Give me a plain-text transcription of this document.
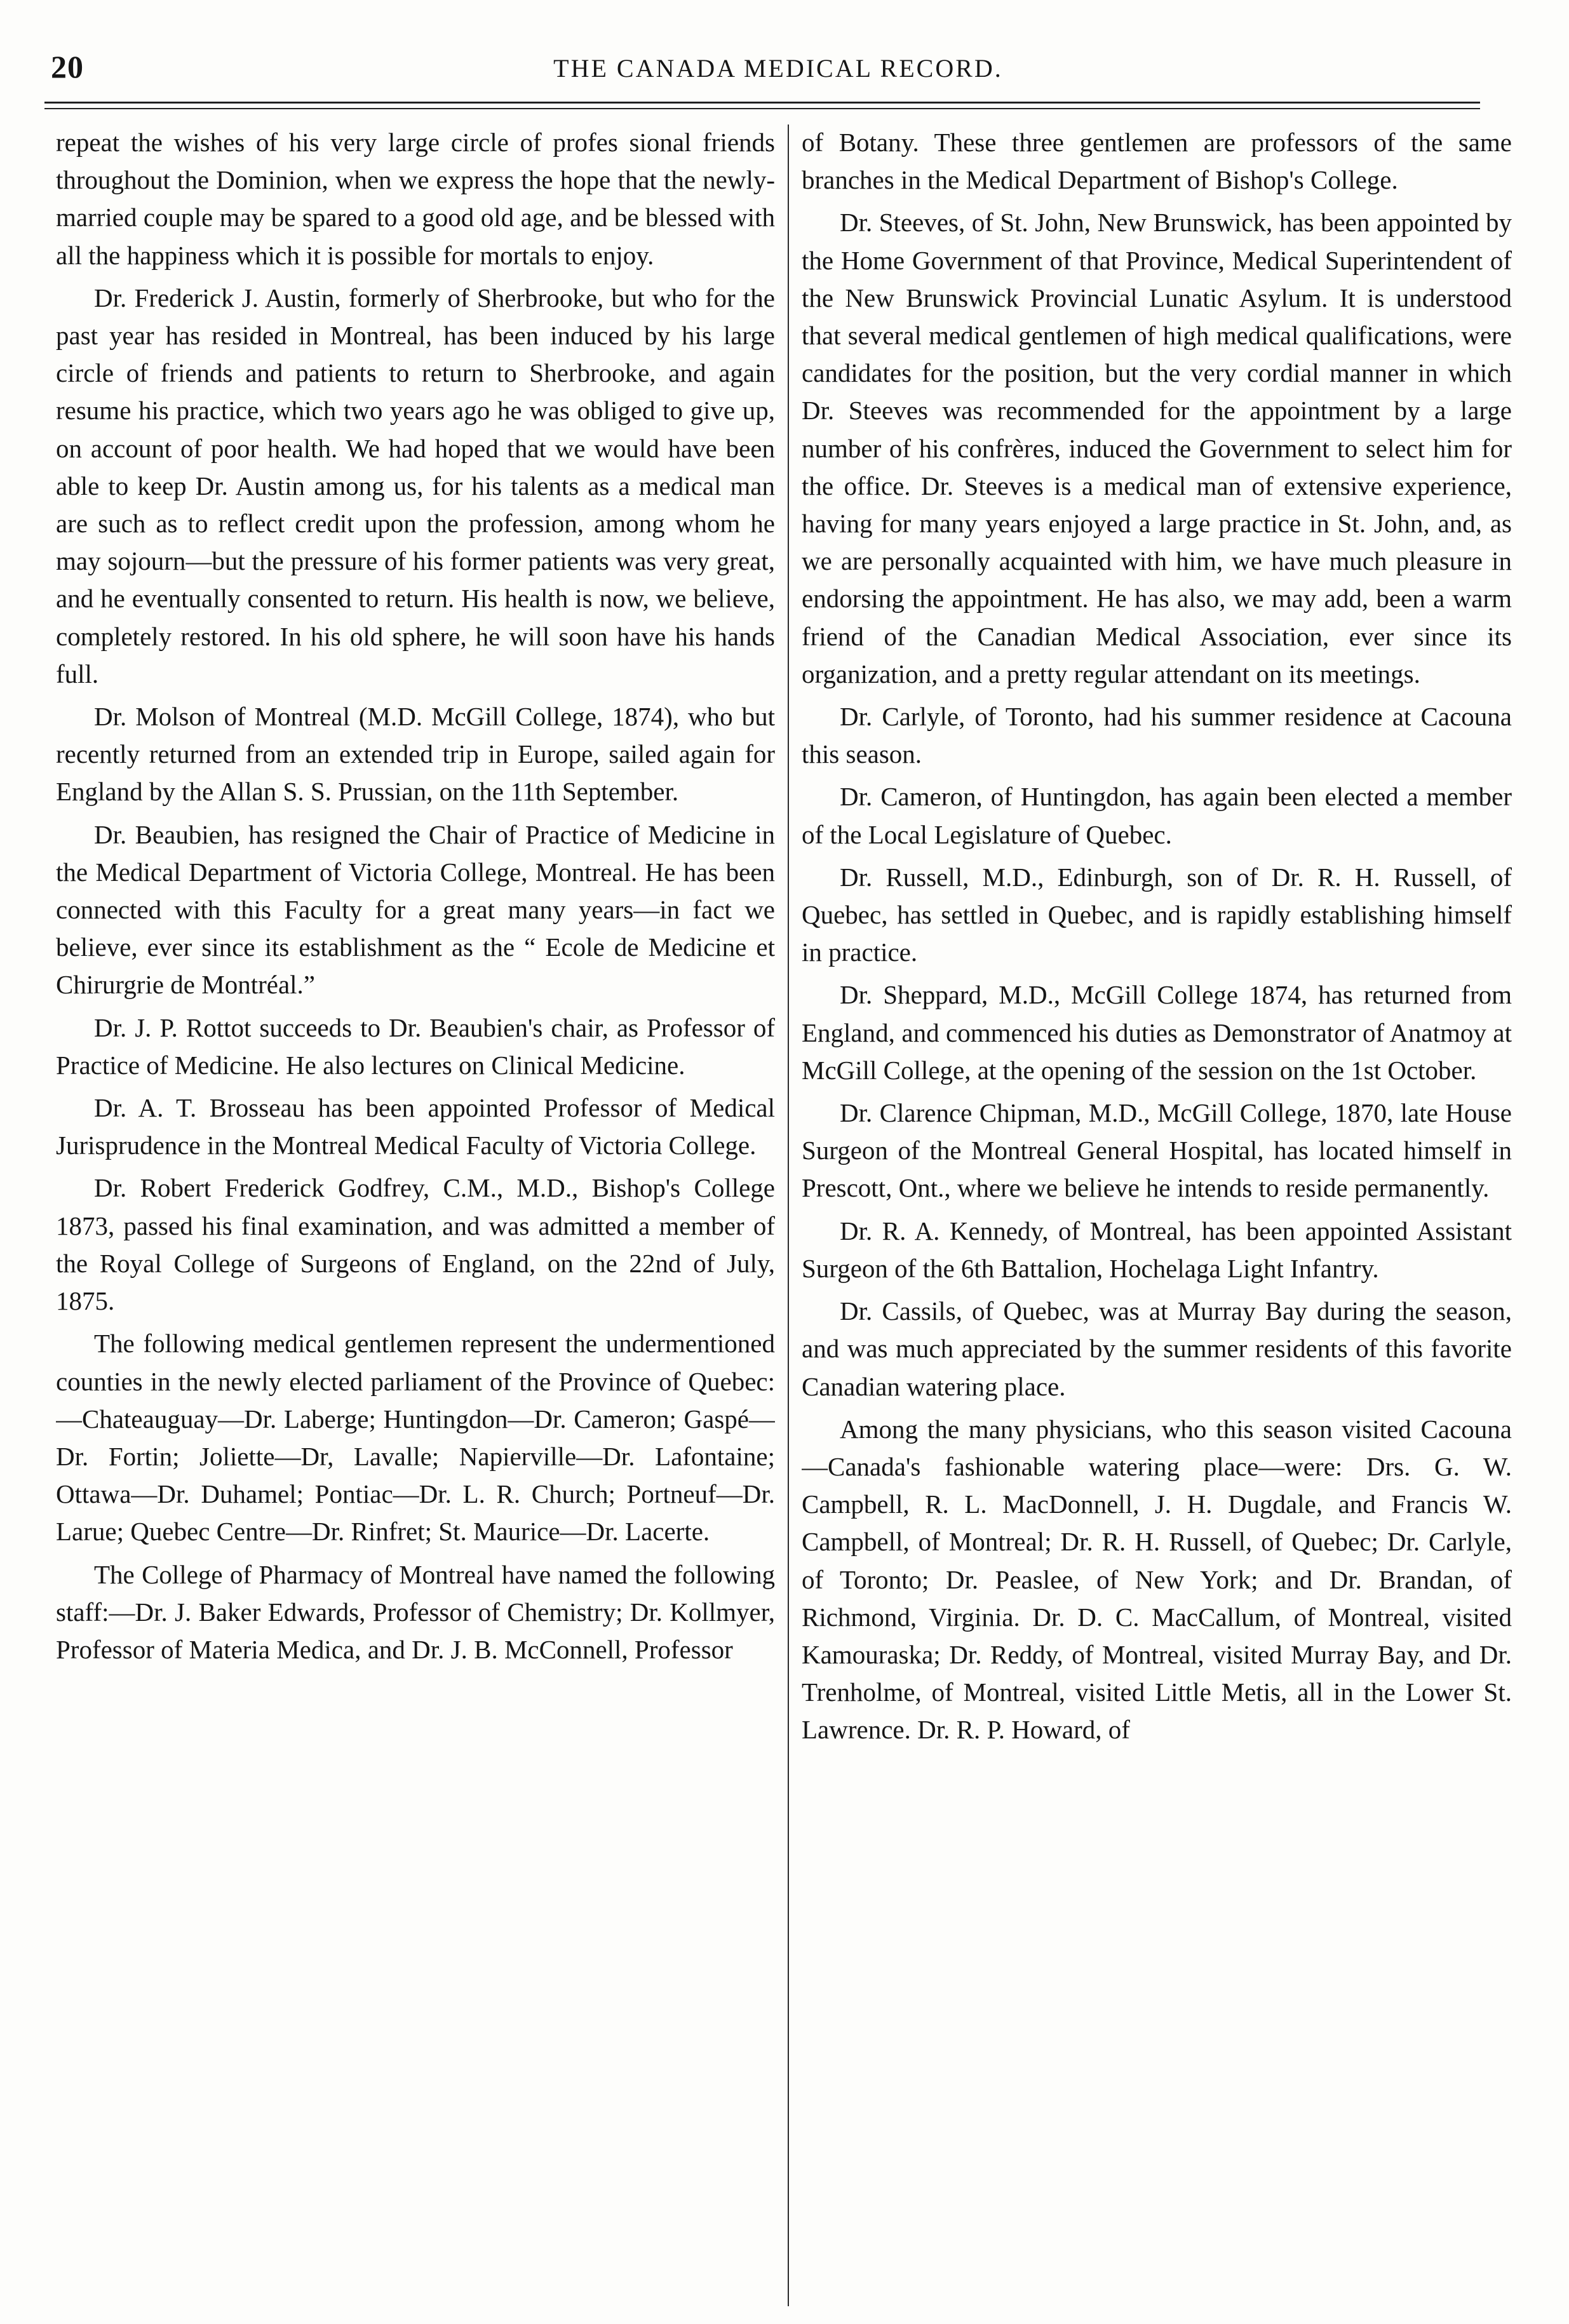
20	THE CANADA MEDICAL RECORD.

repeat the wishes of his very large circle of profes sional friends throughout the Dominion, when we express the hope that the newly-married couple may be spared to a good old age, and be blessed with all the happiness which it is possible for mortals to enjoy.

Dr. Frederick J. Austin, formerly of Sherbrooke, but who for the past year has resided in Montreal, has been induced by his large circle of friends and patients to return to Sherbrooke, and again resume his practice, which two years ago he was obliged to give up, on account of poor health. We had hoped that we would have been able to keep Dr. Austin among us, for his talents as a medical man are such as to reflect credit upon the profession, among whom he may sojourn—but the pressure of his former patients was very great, and he eventually consented to return. His health is now, we believe, completely restored. In his old sphere, he will soon have his hands full.

Dr. Molson of Montreal (M.D. McGill College, 1874), who but recently returned from an extended trip in Europe, sailed again for England by the Allan S. S. Prussian, on the 11th September.

Dr. Beaubien, has resigned the Chair of Practice of Medicine in the Medical Department of Victoria College, Montreal. He has been connected with this Faculty for a great many years—in fact we believe, ever since its establishment as the “ Ecole de Medicine et Chirurgrie de Montréal.”

Dr. J. P. Rottot succeeds to Dr. Beaubien's chair, as Professor of Practice of Medicine. He also lectures on Clinical Medicine.

Dr. A. T. Brosseau has been appointed Professor of Medical Jurisprudence in the Montreal Medical Faculty of Victoria College.

Dr. Robert Frederick Godfrey, C.M., M.D., Bishop's College 1873, passed his final examination, and was admitted a member of the Royal College of Surgeons of England, on the 22nd of July, 1875.

The following medical gentlemen represent the undermentioned counties in the newly elected parliament of the Province of Quebec:—Chateauguay—Dr. Laberge; Huntingdon—Dr. Cameron; Gaspé—Dr. Fortin; Joliette—Dr, Lavalle; Napierville—Dr. Lafontaine; Ottawa—Dr. Duhamel; Pontiac—Dr. L. R. Church; Portneuf—Dr. Larue; Quebec Centre—Dr. Rinfret; St. Maurice—Dr. Lacerte.

The College of Pharmacy of Montreal have named the following staff:—Dr. J. Baker Edwards, Professor of Chemistry; Dr. Kollmyer, Professor of Materia Medica, and Dr. J. B. McConnell, Professor

of Botany. These three gentlemen are professors of the same branches in the Medical Department of Bishop's College.

Dr. Steeves, of St. John, New Brunswick, has been appointed by the Home Government of that Province, Medical Superintendent of the New Brunswick Provincial Lunatic Asylum. It is understood that several medical gentlemen of high medical qualifications, were candidates for the position, but the very cordial manner in which Dr. Steeves was recommended for the appointment by a large number of his confrères, induced the Government to select him for the office. Dr. Steeves is a medical man of extensive experience, having for many years enjoyed a large practice in St. John, and, as we are personally acquainted with him, we have much pleasure in endorsing the appointment. He has also, we may add, been a warm friend of the Canadian Medical Association, ever since its organization, and a pretty regular attendant on its meetings.

Dr. Carlyle, of Toronto, had his summer residence at Cacouna this season.

Dr. Cameron, of Huntingdon, has again been elected a member of the Local Legislature of Quebec.

Dr. Russell, M.D., Edinburgh, son of Dr. R. H. Russell, of Quebec, has settled in Quebec, and is rapidly establishing himself in practice.

Dr. Sheppard, M.D., McGill College 1874, has returned from England, and commenced his duties as Demonstrator of Anatmoy at McGill College, at the opening of the session on the 1st October.

Dr. Clarence Chipman, M.D., McGill College, 1870, late House Surgeon of the Montreal General Hospital, has located himself in Prescott, Ont., where we believe he intends to reside permanently.

Dr. R. A. Kennedy, of Montreal, has been appointed Assistant Surgeon of the 6th Battalion, Hochelaga Light Infantry.

Dr. Cassils, of Quebec, was at Murray Bay during the season, and was much appreciated by the summer residents of this favorite Canadian watering place.

Among the many physicians, who this season visited Cacouna—Canada's fashionable watering place—were: Drs. G. W. Campbell, R. L. MacDonnell, J. H. Dugdale, and Francis W. Campbell, of Montreal; Dr. R. H. Russell, of Quebec; Dr. Carlyle, of Toronto; Dr. Peaslee, of New York; and Dr. Brandan, of Richmond, Virginia. Dr. D. C. MacCallum, of Montreal, visited Kamouraska; Dr. Reddy, of Montreal, visited Murray Bay, and Dr. Trenholme, of Montreal, visited Little Metis, all in the Lower St. Lawrence. Dr. R. P. Howard, of
